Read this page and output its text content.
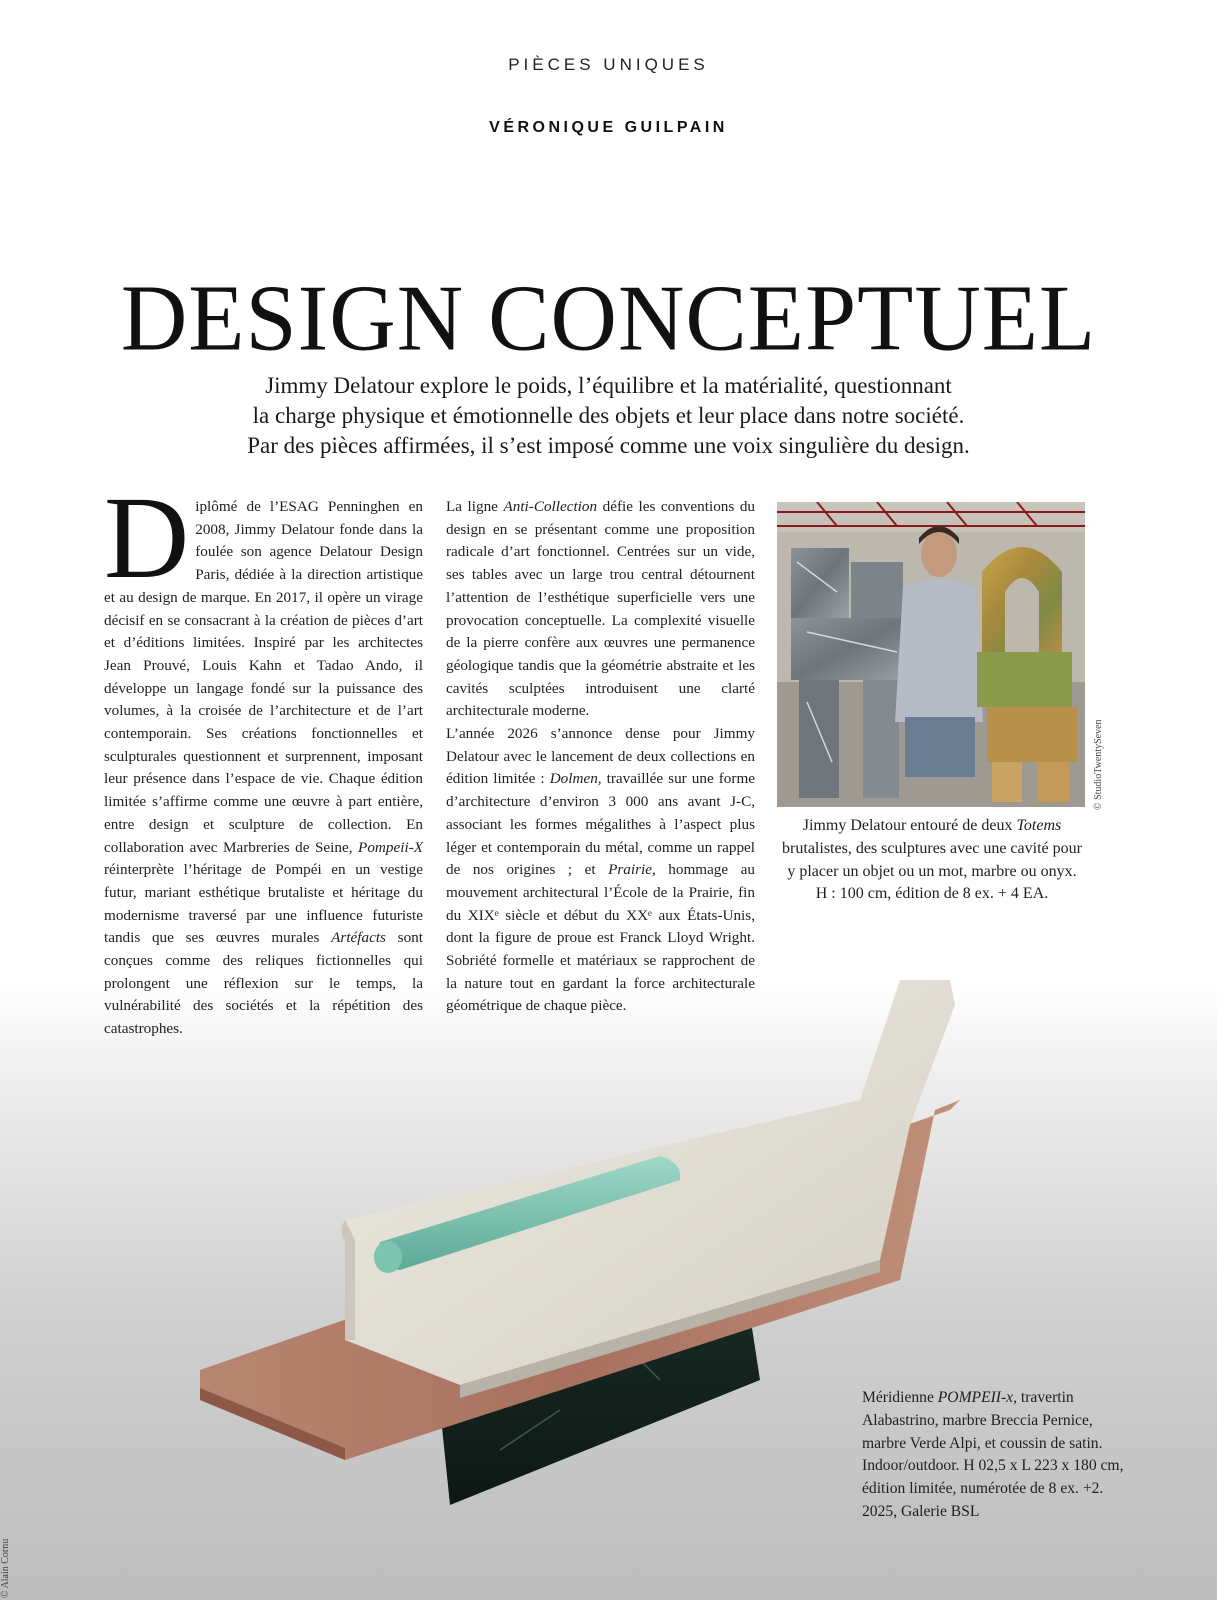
PIÈCES UNIQUES
VÉRONIQUE GUILPAIN
DESIGN CONCEPTUEL
Jimmy Delatour explore le poids, l’équilibre et la matérialité, questionnant
la charge physique et émotionnelle des objets et leur place dans notre société.
Par des pièces affirmées, il s’est imposé comme une voix singulière du design.

Diplômé de l’ESAG Penninghen en 2008, Jimmy Delatour fonde dans la foulée son agence Delatour Design Paris, dédiée à la direction artistique et au design de marque. En 2017, il opère un virage décisif en se consacrant à la création de pièces d’art et d’éditions limitées. Inspiré par les architectes Jean Prouvé, Louis Kahn et Tadao Ando, il développe un langage fondé sur la puissance des volumes, à la croisée de l’architecture et de l’art contemporain. Ses créations fonctionnelles et sculpturales questionnent et surprennent, imposant leur présence dans l’espace de vie. Chaque édition limitée s’affirme comme une œuvre à part entière, entre design et sculpture de collection. En collaboration avec Marbreries de Seine, Pompeii-X réinterprète l’héritage de Pompéi en un vestige futur, mariant esthétique brutaliste et héritage du modernisme traversé par une influence futuriste tandis que ses œuvres murales Artéfacts sont conçues comme des reliques fictionnelles qui prolongent une réflexion sur le temps, la vulnérabilité des sociétés et la répétition des catastrophes.

La ligne Anti-Collection défie les conventions du design en se présentant comme une proposition radicale d’art fonctionnel. Centrées sur un vide, ses tables avec un large trou central détournent l’attention de l’esthétique superficielle vers une provocation conceptuelle. La complexité visuelle de la pierre confère aux œuvres une permanence géologique tandis que la géométrie abstraite et les cavités sculptées introduisent une clarté architecturale moderne.

L’année 2026 s’annonce dense pour Jimmy Delatour avec le lancement de deux collections en édition limitée : Dolmen, travaillée sur une forme d’architecture d’environ 3 000 ans avant J-C, associant les formes mégalithes à l’aspect plus léger et contemporain du métal, comme un rappel de nos origines ; et Prairie, hommage au mouvement architectural l’École de la Prairie, fin du XIXᵉ siècle et début du XXᵉ aux États-Unis, dont la figure de proue est Franck Lloyd Wright. Sobriété formelle et matériaux se rapprochent de la nature tout en gardant la force architecturale géométrique de chaque pièce.

© StudioTwentySeven
Jimmy Delatour entouré de deux Totems brutalistes, des sculptures avec une cavité pour y placer un objet ou un mot, marbre ou onyx. H : 100 cm, édition de 8 ex. + 4 EA.
Méridienne POMPEII-x, travertin Alabastrino, marbre Breccia Pernice, marbre Verde Alpi, et coussin de satin. Indoor/outdoor. H 02,5 x L 223 x 180 cm, édition limitée, numérotée de 8 ex. +2. 2025, Galerie BSL
© Alain Cornu
